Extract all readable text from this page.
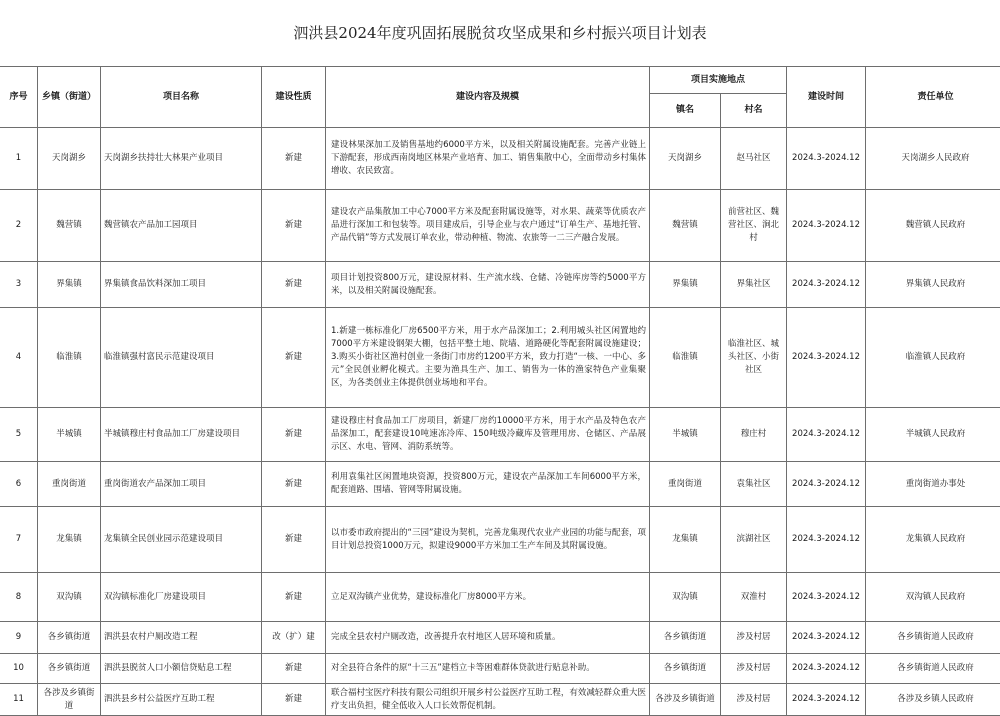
泗洪县2024年度巩固拓展脱贫攻坚成果和乡村振兴项目计划表
序号	乡镇（街道）	项目名称	建设性质	建设内容及规模	项目实施地点		建设时间	责任单位
					镇名	村名		
1	天岗湖乡	天岗湖乡扶持壮大林果产业项目	新建	建设林果深加工及销售基地约6000平方米，以及相关附属设施配套。完善产业链上下游配套，形成西南岗地区林果产业培育、加工、销售集散中心，全面带动乡村集体增收、农民致富。	天岗湖乡	赵马社区	2024.3-2024.12	天岗湖乡人民政府
2	魏营镇	魏营镇农产品加工园项目	新建	建设农产品集散加工中心7000平方米及配套附属设施等，对水果、蔬菜等优质农产品进行深加工和包装等。项目建成后，引导企业与农户通过“订单生产、基地托管、产品代销”等方式发展订单农业，带动种植、物流、农旅等一二三产融合发展。	魏营镇	前营社区、魏营社区、涧北村	2024.3-2024.12	魏营镇人民政府
3	界集镇	界集镇食品饮料深加工项目	新建	项目计划投资800万元，建设原材料、生产流水线、仓储、冷链库房等约5000平方米，以及相关附属设施配套。	界集镇	界集社区	2024.3-2024.12	界集镇人民政府
4	临淮镇	临淮镇强村富民示范建设项目	新建	1.新建一栋标准化厂房6500平方米，用于水产品深加工；2.利用城头社区闲置地约7000平方米建设钢架大棚，包括平整土地、院墙、道路硬化等配套附属设施建设；3.购买小街社区渔村创业一条街门市房约1200平方米，致力打造“一核、一中心、多元”全民创业孵化模式。主要为渔具生产、加工、销售为一体的渔家特色产业集聚区，为各类创业主体提供创业场地和平台。	临淮镇	临淮社区、城头社区、小街社区	2024.3-2024.12	临淮镇人民政府
5	半城镇	半城镇穆庄村食品加工厂房建设项目	新建	建设穆庄村食品加工厂房项目，新建厂房约10000平方米，用于水产品及特色农产品深加工，配套建设10吨速冻冷库、150吨级冷藏库及管理用房、仓储区、产品展示区、水电、管网、消防系统等。	半城镇	穆庄村	2024.3-2024.12	半城镇人民政府
6	重岗街道	重岗街道农产品深加工项目	新建	利用袁集社区闲置地块资源，投资800万元，建设农产品深加工车间6000平方米，配套道路、围墙、管网等附属设施。	重岗街道	袁集社区	2024.3-2024.12	重岗街道办事处
7	龙集镇	龙集镇全民创业园示范建设项目	新建	以市委市政府提出的“三园”建设为契机，完善龙集现代农业产业园的功能与配套，项目计划总投资1000万元，拟建设9000平方米加工生产车间及其附属设施。	龙集镇	滨湖社区	2024.3-2024.12	龙集镇人民政府
8	双沟镇	双沟镇标准化厂房建设项目	新建	立足双沟镇产业优势，建设标准化厂房8000平方米。	双沟镇	双淮村	2024.3-2024.12	双沟镇人民政府
9	各乡镇街道	泗洪县农村户厕改造工程	改（扩）建	完成全县农村户厕改造，改善提升农村地区人居环境和质量。	各乡镇街道	涉及村居	2024.3-2024.12	各乡镇街道人民政府
10	各乡镇街道	泗洪县脱贫人口小额信贷贴息工程	新建	对全县符合条件的原“十三五”建档立卡等困难群体贷款进行贴息补助。	各乡镇街道	涉及村居	2024.3-2024.12	各乡镇街道人民政府
11	各涉及乡镇街道	泗洪县乡村公益医疗互助工程	新建	联合福村宝医疗科技有限公司组织开展乡村公益医疗互助工程，有效减轻群众重大医疗支出负担，健全低收入人口长效帮促机制。	各涉及乡镇街道	涉及村居	2024.3-2024.12	各涉及乡镇人民政府
